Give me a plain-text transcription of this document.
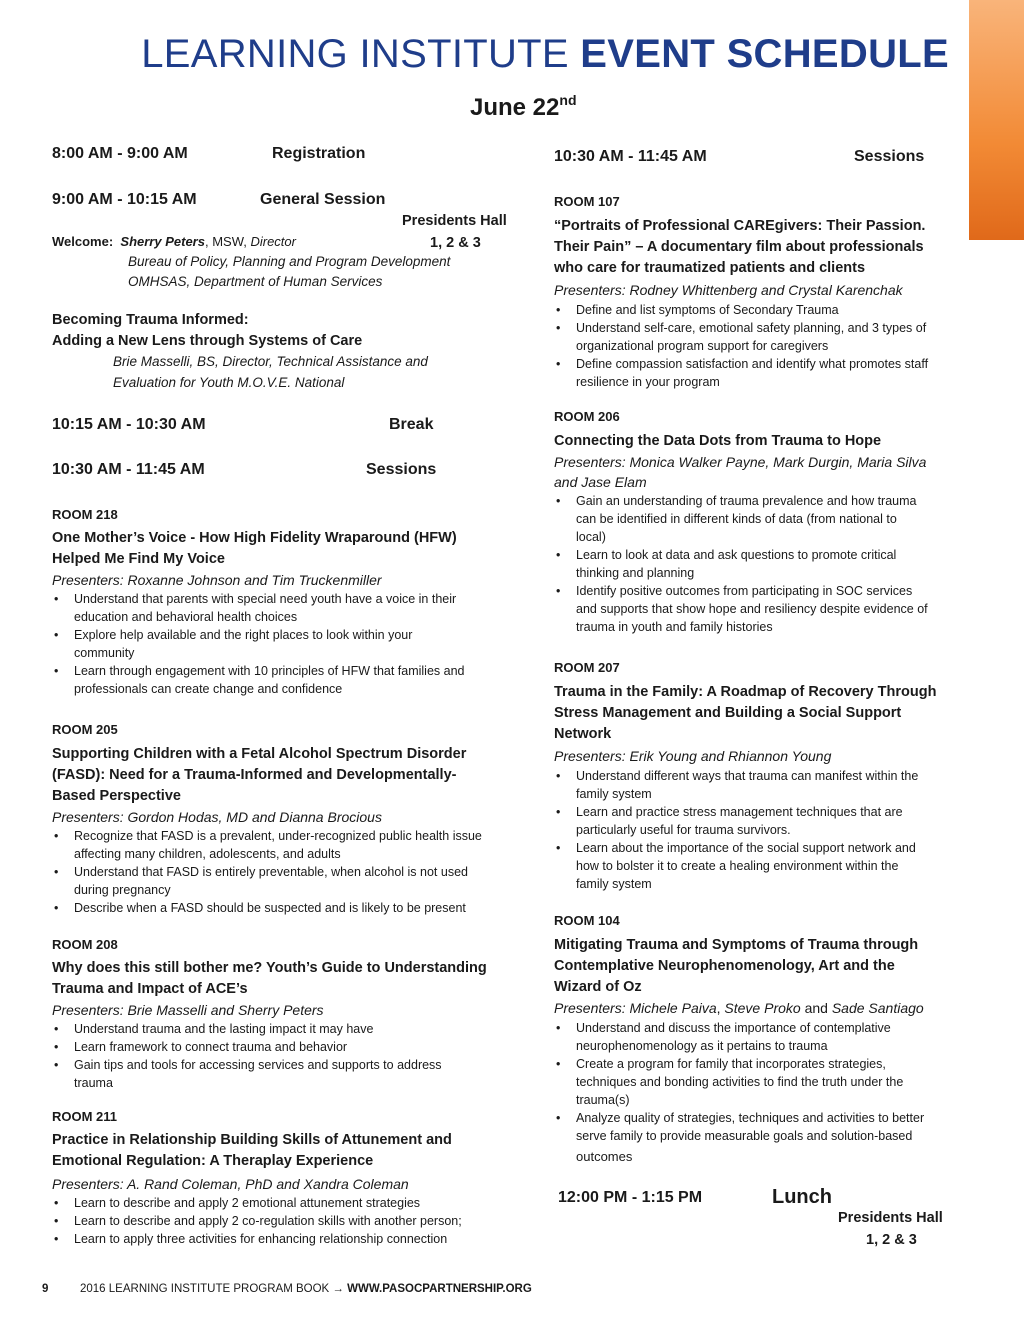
LEARNING INSTITUTE EVENT SCHEDULE
June 22nd
8:00 AM - 9:00 AM	Registration
9:00 AM - 10:15 AM	General Session
Presidents Hall
1, 2 & 3
Welcome: Sherry Peters, MSW, Director
Bureau of Policy, Planning and Program Development
OMHSAS, Department of Human Services
Becoming Trauma Informed:
Adding a New Lens through Systems of Care
Brie Masselli, BS, Director, Technical Assistance and
Evaluation for Youth M.O.V.E. National
10:15 AM - 10:30 AM	Break
10:30 AM - 11:45 AM	Sessions
ROOM 218
One Mother’s Voice - How High Fidelity Wraparound (HFW)
Helped Me Find My Voice
Presenters: Roxanne Johnson and Tim Truckenmiller
• Understand that parents with special need youth have a voice in their
education and behavioral health choices
• Explore help available and the right places to look within your
community
• Learn through engagement with 10 principles of HFW that families and
professionals can create change and confidence
ROOM 205
Supporting Children with a Fetal Alcohol Spectrum Disorder
(FASD): Need for a Trauma-Informed and Developmentally-
Based Perspective
Presenters: Gordon Hodas, MD and Dianna Brocious
• Recognize that FASD is a prevalent, under-recognized public health issue
affecting many children, adolescents, and adults
• Understand that FASD is entirely preventable, when alcohol is not used
during pregnancy
• Describe when a FASD should be suspected and is likely to be present
ROOM 208
Why does this still bother me? Youth’s Guide to Understanding
Trauma and Impact of ACE’s
Presenters: Brie Masselli and Sherry Peters
• Understand trauma and the lasting impact it may have
• Learn framework to connect trauma and behavior
• Gain tips and tools for accessing services and supports to address
trauma
ROOM 211
Practice in Relationship Building Skills of Attunement and
Emotional Regulation: A Theraplay Experience
Presenters: A. Rand Coleman, PhD and Xandra Coleman
• Learn to describe and apply 2 emotional attunement strategies
• Learn to describe and apply 2 co-regulation skills with another person;
• Learn to apply three activities for enhancing relationship connection
10:30 AM - 11:45 AM	Sessions
ROOM 107
“Portraits of Professional CAREgivers: Their Passion.
Their Pain” – A documentary film about professionals
who care for traumatized patients and clients
Presenters: Rodney Whittenberg and Crystal Karenchak
• Define and list symptoms of Secondary Trauma
• Understand self-care, emotional safety planning, and 3 types of
organizational program support for caregivers
• Define compassion satisfaction and identify what promotes staff
resilience in your program
ROOM 206
Connecting the Data Dots from Trauma to Hope
Presenters: Monica Walker Payne, Mark Durgin, Maria Silva
and Jase Elam
• Gain an understanding of trauma prevalence and how trauma
can be identified in different kinds of data (from national to
local)
• Learn to look at data and ask questions to promote critical
thinking and planning
• Identify positive outcomes from participating in SOC services
and supports that show hope and resiliency despite evidence of
trauma in youth and family histories
ROOM 207
Trauma in the Family: A Roadmap of Recovery Through
Stress Management and Building a Social Support
Network
Presenters: Erik Young and Rhiannon Young
• Understand different ways that trauma can manifest within the
family system
• Learn and practice stress management techniques that are
particularly useful for trauma survivors.
• Learn about the importance of the social support network and
how to bolster it to create a healing environment within the
family system
ROOM 104
Mitigating Trauma and Symptoms of Trauma through
Contemplative Neurophenomenology, Art and the
Wizard of Oz
Presenters: Michele Paiva, Steve Proko and Sade Santiago
• Understand and discuss the importance of contemplative
neurophenomenology as it pertains to trauma
• Create a program for family that incorporates strategies,
techniques and bonding activities to find the truth under the
trauma(s)
• Analyze quality of strategies, techniques and activities to better
serve family to provide measurable goals and solution-based
outcomes
12:00 PM - 1:15 PM	Lunch
Presidents Hall
1, 2 & 3
9	2016 LEARNING INSTITUTE PROGRAM BOOK → WWW.PASOCPARTNERSHIP.ORG
